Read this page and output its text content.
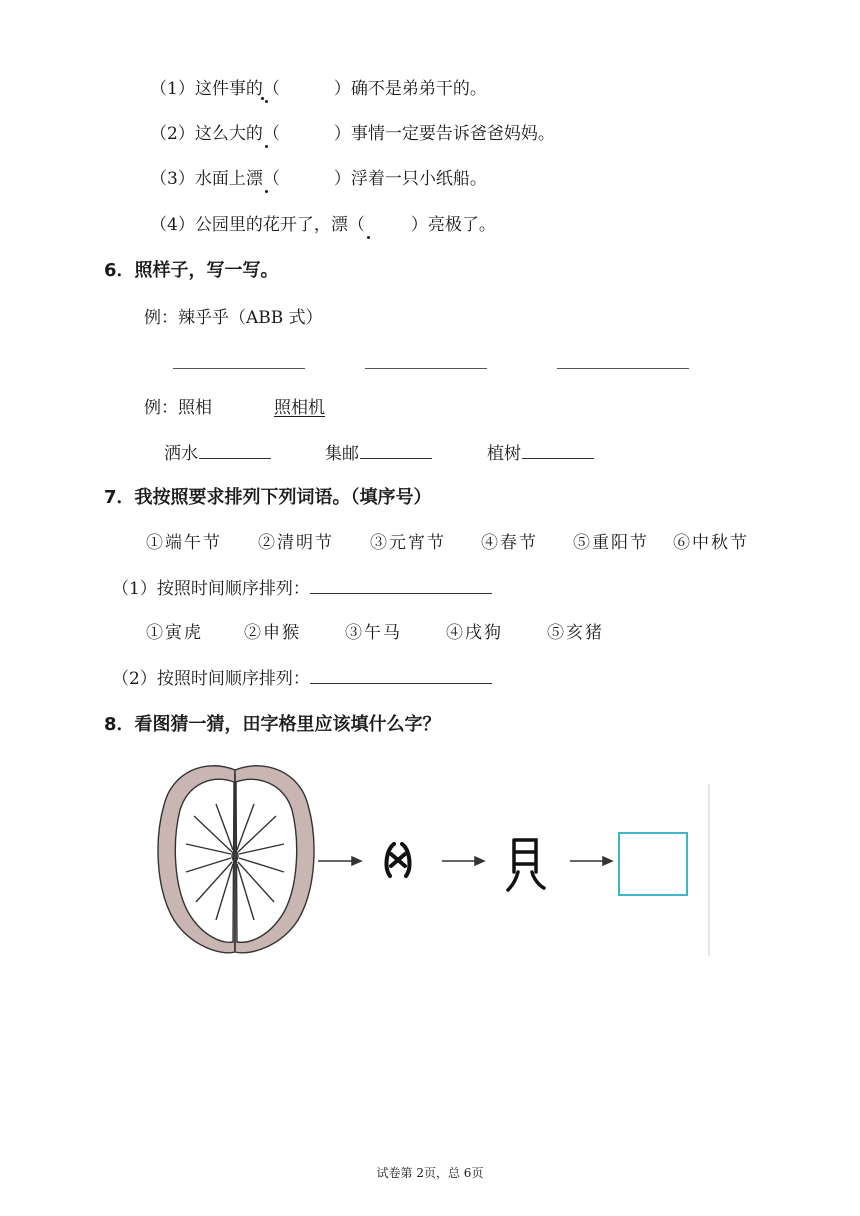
（1）这件事的（	）确不是弟弟干的。
（2）这么大的（	）事情一定要告诉爸爸妈妈。
（3）水面上漂（	）浮着一只小纸船。
（4）公园里的花开了，漂（	）亮极了。
6．照样子，写一写。
例：辣乎乎（ABB 式）
例：照相	照相机
洒水	集邮	植树
7．我按照要求排列下列词语。（填序号）
①端午节 ②清明节 ③元宵节 ④春节 ⑤重阳节 ⑥中秋节
（1）按照时间顺序排列：
①寅虎 ②申猴	③午马	④戌狗	⑤亥猪
（2）按照时间顺序排列：
8．看图猜一猜，田字格里应该填什么字？
试卷第 2页，总 6页
